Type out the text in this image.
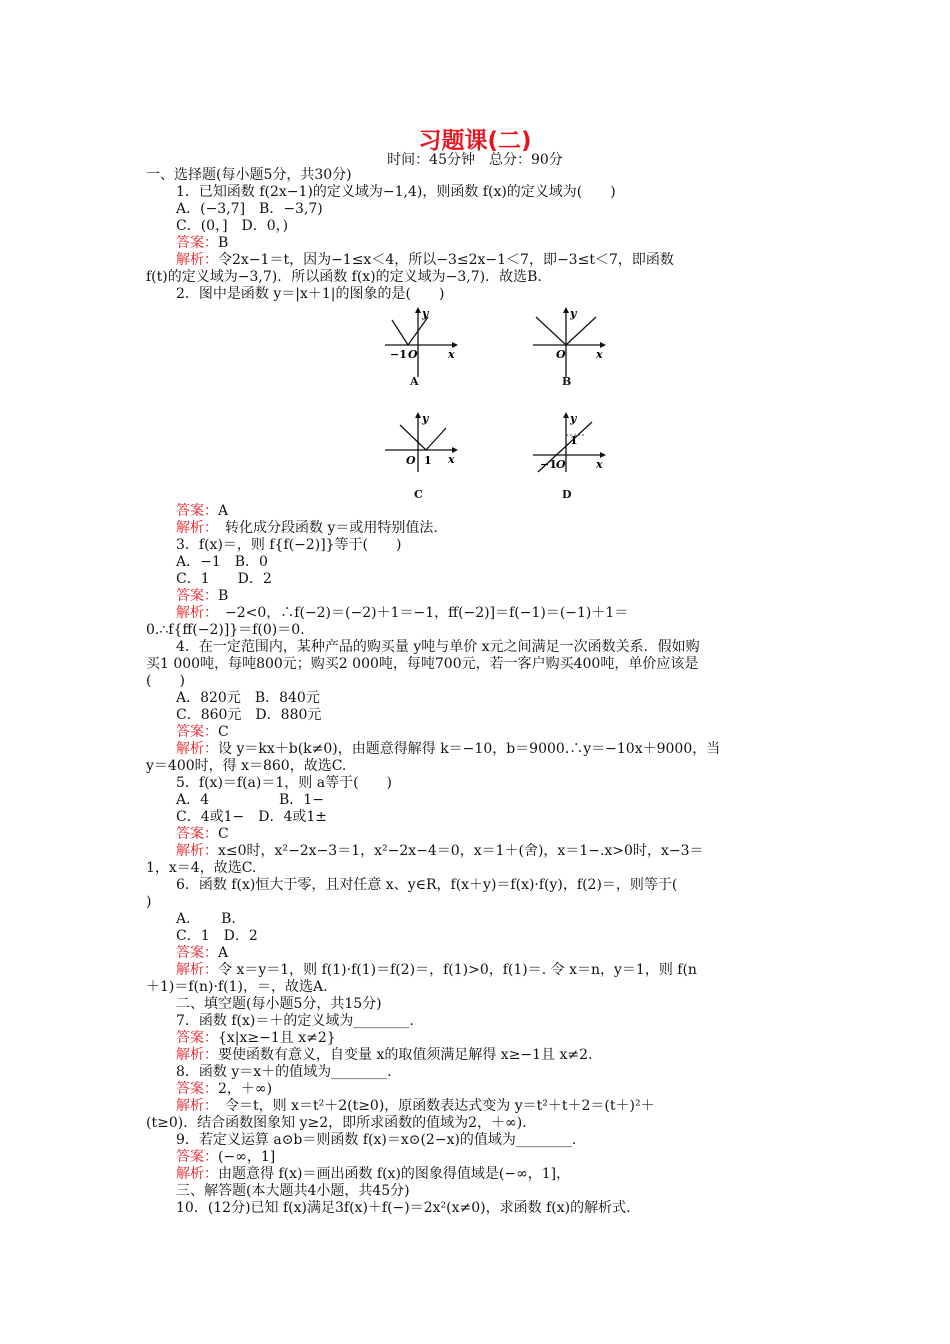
习题课(二)
时间：45分钟　总分：90分
一、选择题(每小题5分，共30分)
1．已知函数 f(2x−1)的定义域为−1,4)，则函数 f(x)的定义域为(　　)
A．(−3,7]　B．−3,7)
C．(0，]　D．0，)
答案：B
解析：令2x−1＝t，因为−1≤x＜4，所以−3≤2x−1＜7，即−3≤t＜7，即函数
f(t)的定义域为−3,7)．所以函数 f(x)的定义域为−3,7)．故选B.
2．图中是函数 y＝|x＋1|的图象的是(　　)
y
x
−1 O
A
y
x
O
B
y
x
O 1
C
y
x
1
−1 O
D
答案：A
解析：　转化成分段函数 y＝或用特别值法.
3．f(x)＝，则 f{f(−2)]}等于(　　)
A．−1　B．0
C．1　　D．2
答案：B
解析：　−2<0，∴f(−2)＝(−2)＋1＝−1，ff(−2)]＝f(−1)＝(−1)＋1＝
0.∴f{ff(−2)]}＝f(0)＝0.
4．在一定范围内，某种产品的购买量 y吨与单价 x元之间满足一次函数关系．假如购
买1 000吨，每吨800元；购买2 000吨，每吨700元，若一客户购买400吨，单价应该是
(　　)
A．820元　B．840元
C．860元　D．880元
答案：C
解析：设 y＝kx＋b(k≠0)，由题意得解得 k＝−10，b＝9000.∴y＝−10x＋9000，当
y＝400时，得 x＝860，故选C.
5．f(x)＝f(a)＝1，则 a等于(　　)
A．4　　　　　B．1−
C．4或1−　D．4或1±
答案：C
解析：x≤0时，x²−2x−3＝1，x²−2x−4＝0，x＝1＋(舍)，x＝1−.x>0时，x−3＝
1，x＝4，故选C.
6．函数 f(x)恒大于零，且对任意 x、y∈R，f(x＋y)＝f(x)·f(y)，f(2)＝，则等于(
)
A．　　B.
C．1　D．2
答案：A
解析：令 x＝y＝1，则 f(1)·f(1)＝f(2)＝，f(1)>0，f(1)＝. 令 x＝n，y＝1，则 f(n
＋1)＝f(n)·f(1)，＝，故选A.
二、填空题(每小题5分，共15分)
7．函数 f(x)＝＋的定义域为________.
答案：{x|x≥−1且 x≠2}
解析：要使函数有意义，自变量 x的取值须满足解得 x≥−1且 x≠2.
8．函数 y＝x＋的值域为________.
答案：2，＋∞)
解析：　令＝t，则 x＝t²＋2(t≥0)，原函数表达式变为 y＝t²＋t＋2＝(t＋)²＋
(t≥0)．结合函数图象知 y≥2，即所求函数的值域为2，＋∞).
9．若定义运算 a⊙b＝则函数 f(x)＝x⊙(2−x)的值域为________.
答案：(−∞，1]
解析：由题意得 f(x)＝画出函数 f(x)的图象得值域是(−∞，1]，
三、解答题(本大题共4小题，共45分)
10．(12分)已知 f(x)满足3f(x)＋f(−)＝2x²(x≠0)，求函数 f(x)的解析式.
